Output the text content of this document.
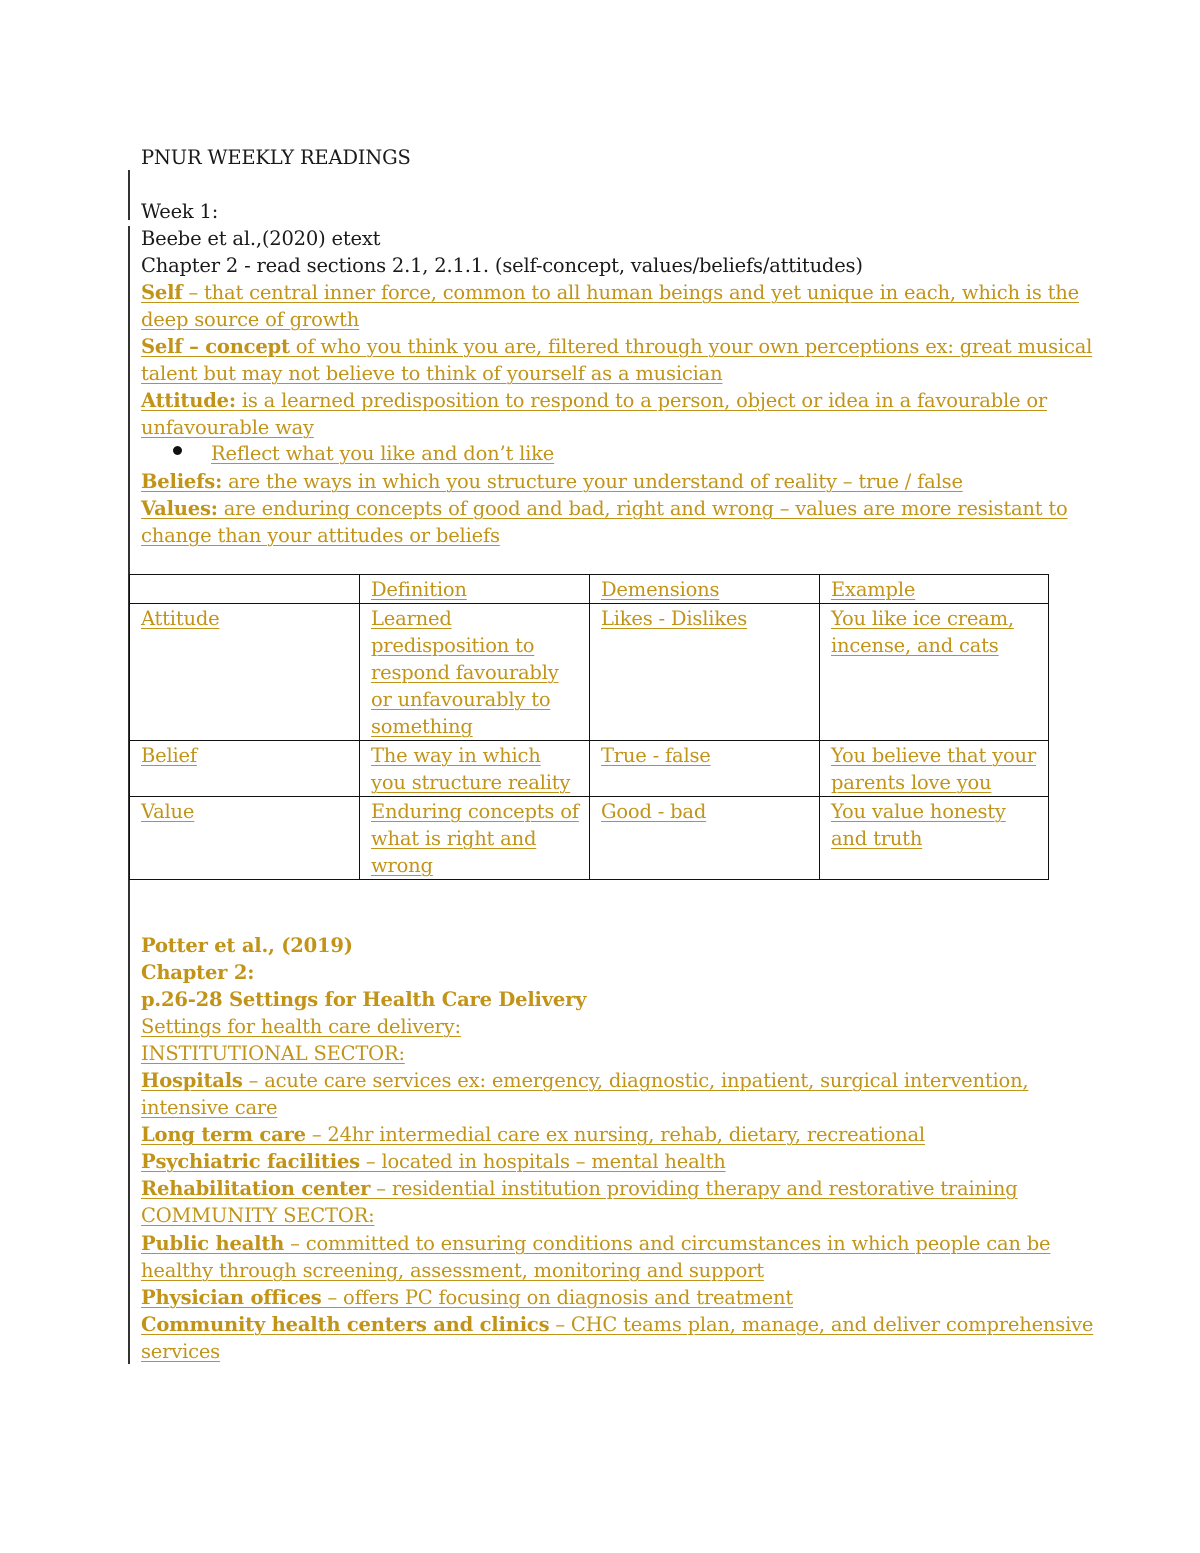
PNUR WEEKLY READINGS
Week 1:
Beebe et al.,(2020) etext
Chapter 2 - read sections 2.1, 2.1.1. (self-concept, values/beliefs/attitudes)
Self – that central inner force, common to all human beings and yet unique in each, which is the
deep source of growth
Self – concept of who you think you are, filtered through your own perceptions ex: great musical
talent but may not believe to think of yourself as a musician
Attitude: is a learned predisposition to respond to a person, object or idea in a favourable or
unfavourable way
Reflect what you like and don’t like
Beliefs: are the ways in which you structure your understand of reality – true / false
Values: are enduring concepts of good and bad, right and wrong – values are more resistant to
change than your attitudes or beliefs
	Definition	Demensions	Example
Attitude	Learned predisposition to respond favourably or unfavourably to something	Likes - Dislikes	You like ice cream, incense, and cats
Belief	The way in which you structure reality	True - false	You believe that your parents love you
Value	Enduring concepts of what is right and wrong	Good - bad	You value honesty and truth
Potter et al., (2019)
Chapter 2:
p.26-28 Settings for Health Care Delivery
Settings for health care delivery:
INSTITUTIONAL SECTOR:
Hospitals – acute care services ex: emergency, diagnostic, inpatient, surgical intervention,
intensive care
Long term care – 24hr intermedial care ex nursing, rehab, dietary, recreational
Psychiatric facilities – located in hospitals – mental health
Rehabilitation center – residential institution providing therapy and restorative training
COMMUNITY SECTOR:
Public health – committed to ensuring conditions and circumstances in which people can be
healthy through screening, assessment, monitoring and support
Physician offices – offers PC focusing on diagnosis and treatment
Community health centers and clinics – CHC teams plan, manage, and deliver comprehensive
services
